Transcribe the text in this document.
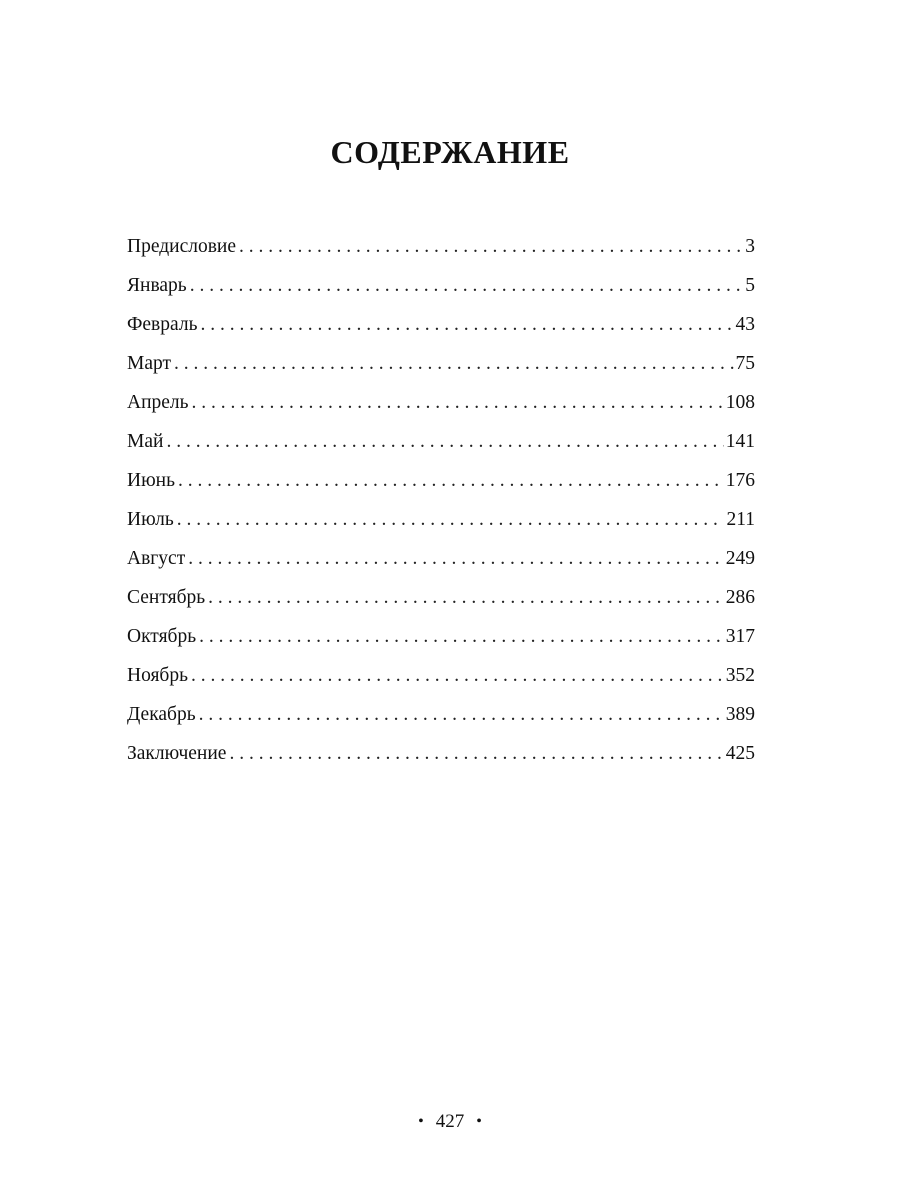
СОДЕРЖАНИЕ
Предисловие . . .	3
Январь . . .	5
Февраль . . .	43
Март . . .	75
Апрель . . .	108
Май . . .	141
Июнь . . .	176
Июль . . .	211
Август . . .	249
Сентябрь . . .	286
Октябрь . . .	317
Ноябрь . . .	352
Декабрь . . .	389
Заключение . . .	425
• 427 •
